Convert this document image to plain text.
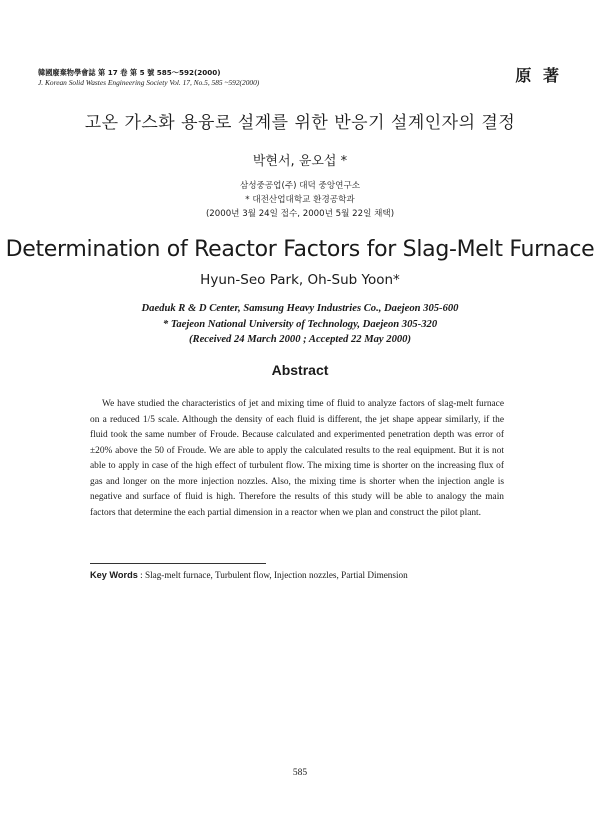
韓國廢棄物學會誌 第 17 卷 第 5 號 585～592(2000)
J. Korean Solid Wastes Engineering Society Vol. 17, No.5, 585 ~592(2000)	原 著
고온 가스화 용융로 설계를 위한 반응기 설계인자의 결정
박현서, 윤오섭 *
삼성중공업(주) 대덕 중앙연구소
* 대전산업대학교 환경공학과
(2000년 3월 24일 접수, 2000년 5월 22일 채택)
Determination of Reactor Factors for Slag-Melt Furnace
Hyun-Seo Park, Oh-Sub Yoon*
Daeduk R & D Center, Samsung Heavy Industries Co., Daejeon 305-600
* Taejeon National University of Technology, Daejeon 305-320
(Received 24 March 2000 ; Accepted 22 May 2000)
Abstract
We have studied the characteristics of jet and mixing time of fluid to analyze factors of slag-melt furnace on a reduced 1/5 scale. Although the density of each fluid is different, the jet shape appear similarly, if the fluid took the same number of Froude. Because calculated and experimented penetration depth was error of ±20% above the 50 of Froude. We are able to apply the calculated results to the real equipment. But it is not able to apply in case of the high effect of turbulent flow. The mixing time is shorter on the increasing flux of gas and longer on the more injection nozzles. Also, the mixing time is shorter when the injection angle is negative and surface of fluid is high. Therefore the results of this study will be able to analogy the main factors that determine the each partial dimension in a reactor when we plan and construct the pilot plant.
Key Words : Slag-melt furnace, Turbulent flow, Injection nozzles, Partial Dimension
585
